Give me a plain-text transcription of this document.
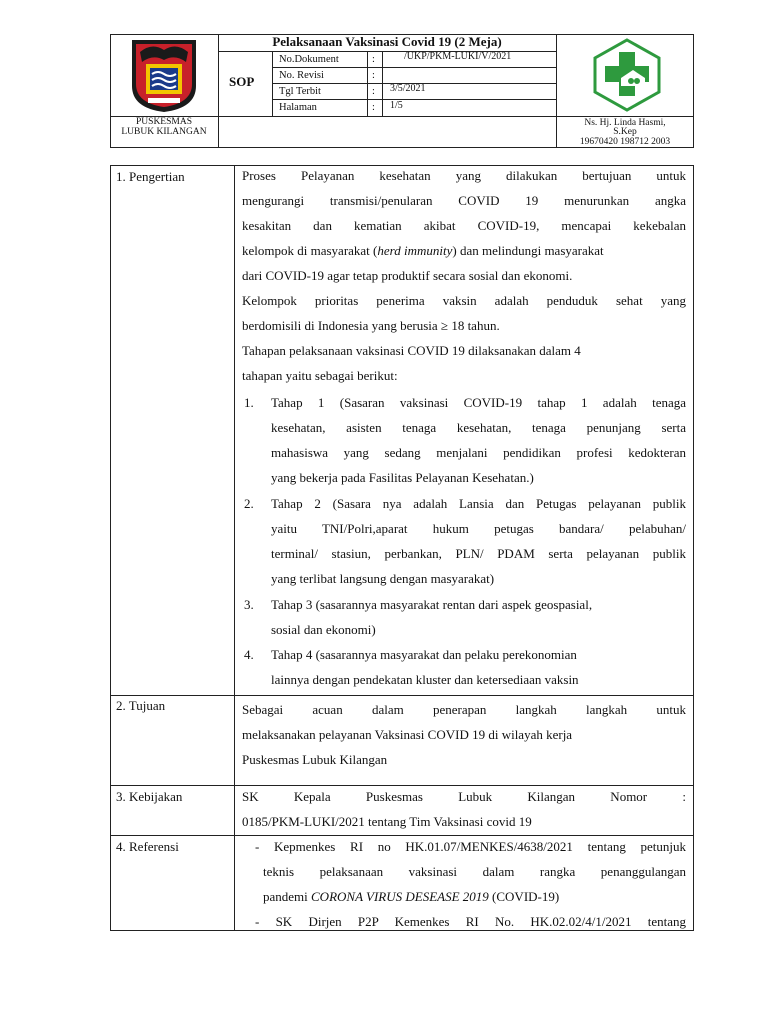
Pelaksanaan Vaksinasi Covid 19 (2 Meja)
SOP
No.Dokument	:	/UKP/PKM-LUKI/V/2021
No. Revisi	:
Tgl Terbit	: 3/5/2021
Halaman	: 1/5
PUSKESMAS
LUBUK KILANGAN
Ns. Hj. Linda Hasmi,
S.Kep
19670420 198712 2003
1. Pengertian	Proses Pelayanan kesehatan yang dilakukan bertujuan untuk
mengurangi transmisi/penularan COVID 19 menurunkan angka
kesakitan dan kematian akibat COVID-19, mencapai kekebalan
kelompok di masyarakat (herd immunity) dan melindungi masyarakat
dari COVID-19 agar tetap produktif secara sosial dan ekonomi.
Kelompok prioritas penerima vaksin adalah penduduk sehat yang
berdomisili di Indonesia yang berusia ≥ 18 tahun.
Tahapan pelaksanaan vaksinasi COVID 19 dilaksanakan dalam 4
tahapan yaitu sebagai berikut:
1. Tahap 1 (Sasaran vaksinasi COVID-19 tahap 1 adalah tenaga
kesehatan, asisten tenaga kesehatan, tenaga penunjang serta
mahasiswa yang sedang menjalani pendidikan profesi kedokteran
yang bekerja pada Fasilitas Pelayanan Kesehatan.)
2. Tahap 2 (Sasara nya adalah Lansia dan Petugas pelayanan publik
yaitu TNI/Polri,aparat hukum petugas bandara/ pelabuhan/
terminal/ stasiun, perbankan, PLN/ PDAM serta pelayanan publik
yang terlibat langsung dengan masyarakat)
3. Tahap 3 (sasarannya masyarakat rentan dari aspek geospasial,
sosial dan ekonomi)
4. Tahap 4 (sasarannya masyarakat dan pelaku perekonomian
lainnya dengan pendekatan kluster dan ketersediaan vaksin
2. Tujuan	Sebagai acuan dalam penerapan langkah langkah untuk
melaksanakan pelayanan Vaksinasi COVID 19 di wilayah kerja
Puskesmas Lubuk Kilangan
3. Kebijakan	SK Kepala Puskesmas Lubuk Kilangan Nomor :
0185/PKM-LUKI/2021 tentang Tim Vaksinasi covid 19
4. Referensi	- Kepmenkes RI no HK.01.07/MENKES/4638/2021 tentang petunjuk
teknis pelaksanaan vaksinasi dalam rangka penanggulangan
pandemi CORONA VIRUS DESEASE 2019 (COVID-19)
- SK Dirjen P2P Kemenkes RI No. HK.02.02/4/1/2021 tentang
